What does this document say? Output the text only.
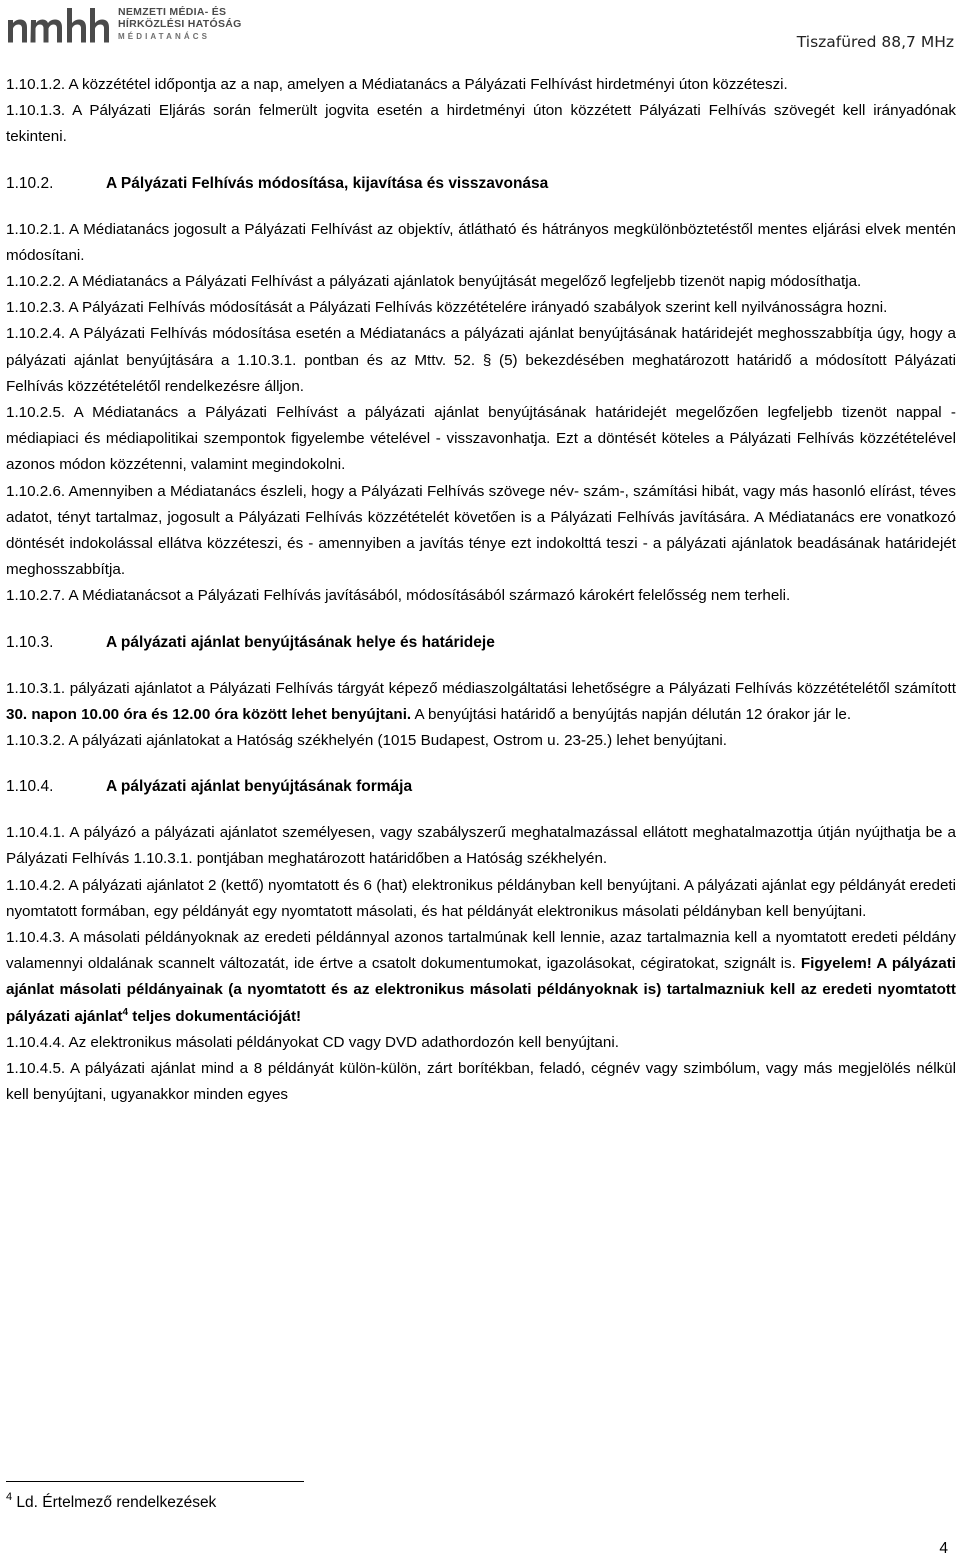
NEMZETI MÉDIA- ÉS
HÍRKÖZLÉSI HATÓSÁG
MÉDIATANÁCS	Tiszafüred 88,7 MHz

1.10.1.2. A közzététel időpontja az a nap, amelyen a Médiatanács a Pályázati Felhívást hirdetményi úton közzéteszi.

1.10.1.3. A Pályázati Eljárás során felmerült jogvita esetén a hirdetményi úton közzétett Pályázati Felhívás szövegét kell irányadónak tekinteni.

1.10.2.	A Pályázati Felhívás módosítása, kijavítása és visszavonása

1.10.2.1. A Médiatanács jogosult a Pályázati Felhívást az objektív, átlátható és hátrányos megkülönböztetéstől mentes eljárási elvek mentén módosítani.

1.10.2.2. A Médiatanács a Pályázati Felhívást a pályázati ajánlatok benyújtását megelőző legfeljebb tizenöt napig módosíthatja.

1.10.2.3. A Pályázati Felhívás módosítását a Pályázati Felhívás közzétételére irányadó szabályok szerint kell nyilvánosságra hozni.

1.10.2.4. A Pályázati Felhívás módosítása esetén a Médiatanács a pályázati ajánlat benyújtásának határidejét meghosszabbítja úgy, hogy a pályázati ajánlat benyújtására a 1.10.3.1. pontban és az Mttv. 52. § (5) bekezdésében meghatározott határidő a módosított Pályázati Felhívás közzétételétől rendelkezésre álljon.

1.10.2.5. A Médiatanács a Pályázati Felhívást a pályázati ajánlat benyújtásának határidejét megelőzően legfeljebb tizenöt nappal - médiapiaci és médiapolitikai szempontok figyelembe vételével - visszavonhatja. Ezt a döntését köteles a Pályázati Felhívás közzétételével azonos módon közzétenni, valamint megindokolni.

1.10.2.6. Amennyiben a Médiatanács észleli, hogy a Pályázati Felhívás szövege név- szám-, számítási hibát, vagy más hasonló elírást, téves adatot, tényt tartalmaz, jogosult a Pályázati Felhívás közzétételét követően is a Pályázati Felhívás javítására. A Médiatanács ere vonatkozó döntését indokolással ellátva közzéteszi, és - amennyiben a javítás ténye ezt indokolttá teszi - a pályázati ajánlatok beadásának határidejét meghosszabbítja.

1.10.2.7. A Médiatanácsot a Pályázati Felhívás javításából, módosításából származó károkért felelősség nem terheli.

1.10.3.	A pályázati ajánlat benyújtásának helye és határideje

1.10.3.1. pályázati ajánlatot a Pályázati Felhívás tárgyát képező médiaszolgáltatási lehetőségre a Pályázati Felhívás közzétételétől számított 30. napon 10.00 óra és 12.00 óra között lehet benyújtani. A benyújtási határidő a benyújtás napján délután 12 órakor jár le.

1.10.3.2. A pályázati ajánlatokat a Hatóság székhelyén (1015 Budapest, Ostrom u. 23-25.) lehet benyújtani.

1.10.4.	A pályázati ajánlat benyújtásának formája

1.10.4.1. A pályázó a pályázati ajánlatot személyesen, vagy szabályszerű meghatalmazással ellátott meghatalmazottja útján nyújthatja be a Pályázati Felhívás 1.10.3.1. pontjában meghatározott határidőben a Hatóság székhelyén.

1.10.4.2. A pályázati ajánlatot 2 (kettő) nyomtatott és 6 (hat) elektronikus példányban kell benyújtani. A pályázati ajánlat egy példányát eredeti nyomtatott formában, egy példányát egy nyomtatott másolati, és hat példányát elektronikus másolati példányban kell benyújtani.

1.10.4.3. A másolati példányoknak az eredeti példánnyal azonos tartalmúnak kell lennie, azaz tartalmaznia kell a nyomtatott eredeti példány valamennyi oldalának scannelt változatát, ide értve a csatolt dokumentumokat, igazolásokat, cégiratokat, szignált is. Figyelem! A pályázati ajánlat másolati példányainak (a nyomtatott és az elektronikus másolati példányoknak is) tartalmazniuk kell az eredeti nyomtatott pályázati ajánlat$^4$ teljes dokumentációját!

1.10.4.4. Az elektronikus másolati példányokat CD vagy DVD adathordozón kell benyújtani.

1.10.4.5. A pályázati ajánlat mind a 8 példányát külön-külön, zárt borítékban, feladó, cégnév vagy szimbólum, vagy más megjelölés nélkül kell benyújtani, ugyanakkor minden egyes

$^4$ Ld. Értelmező rendelkezések
4
